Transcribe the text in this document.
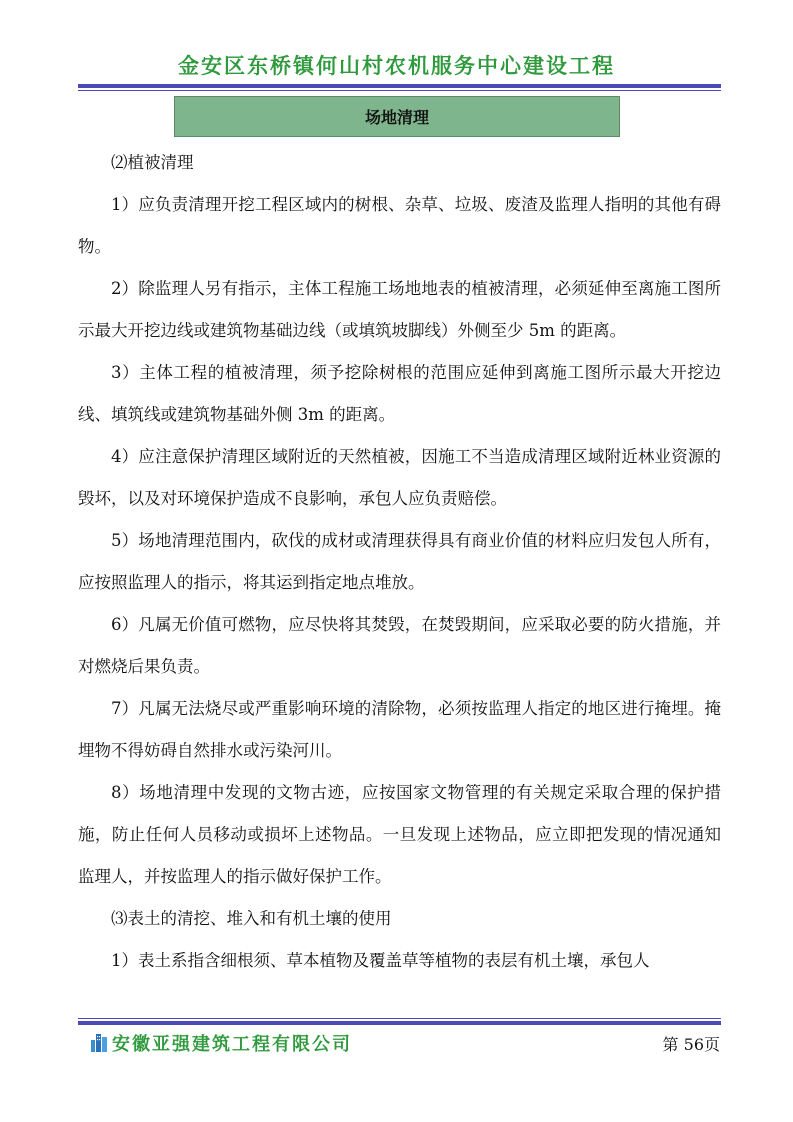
金安区东桥镇何山村农机服务中心建设工程
场地清理

⑵植被清理

1）应负责清理开挖工程区域内的树根、杂草、垃圾、废渣及监理人指明的其他有碍物。

2）除监理人另有指示，主体工程施工场地地表的植被清理，必须延伸至离施工图所示最大开挖边线或建筑物基础边线（或填筑坡脚线）外侧至少 5m 的距离。

3）主体工程的植被清理，须予挖除树根的范围应延伸到离施工图所示最大开挖边线、填筑线或建筑物基础外侧 3m 的距离。

4）应注意保护清理区域附近的天然植被，因施工不当造成清理区域附近林业资源的毁坏，以及对环境保护造成不良影响，承包人应负责赔偿。

5）场地清理范围内，砍伐的成材或清理获得具有商业价值的材料应归发包人所有，应按照监理人的指示，将其运到指定地点堆放。

6）凡属无价值可燃物，应尽快将其焚毁，在焚毁期间，应采取必要的防火措施，并对燃烧后果负责。

7）凡属无法烧尽或严重影响环境的清除物，必须按监理人指定的地区进行掩埋。掩埋物不得妨碍自然排水或污染河川。

8）场地清理中发现的文物古迹，应按国家文物管理的有关规定采取合理的保护措施，防止任何人员移动或损坏上述物品。一旦发现上述物品，应立即把发现的情况通知监理人，并按监理人的指示做好保护工作。

⑶表土的清挖、堆入和有机土壤的使用

1）表土系指含细根须、草本植物及覆盖草等植物的表层有机土壤，承包人

安徽亚强建筑工程有限公司	第 56页
